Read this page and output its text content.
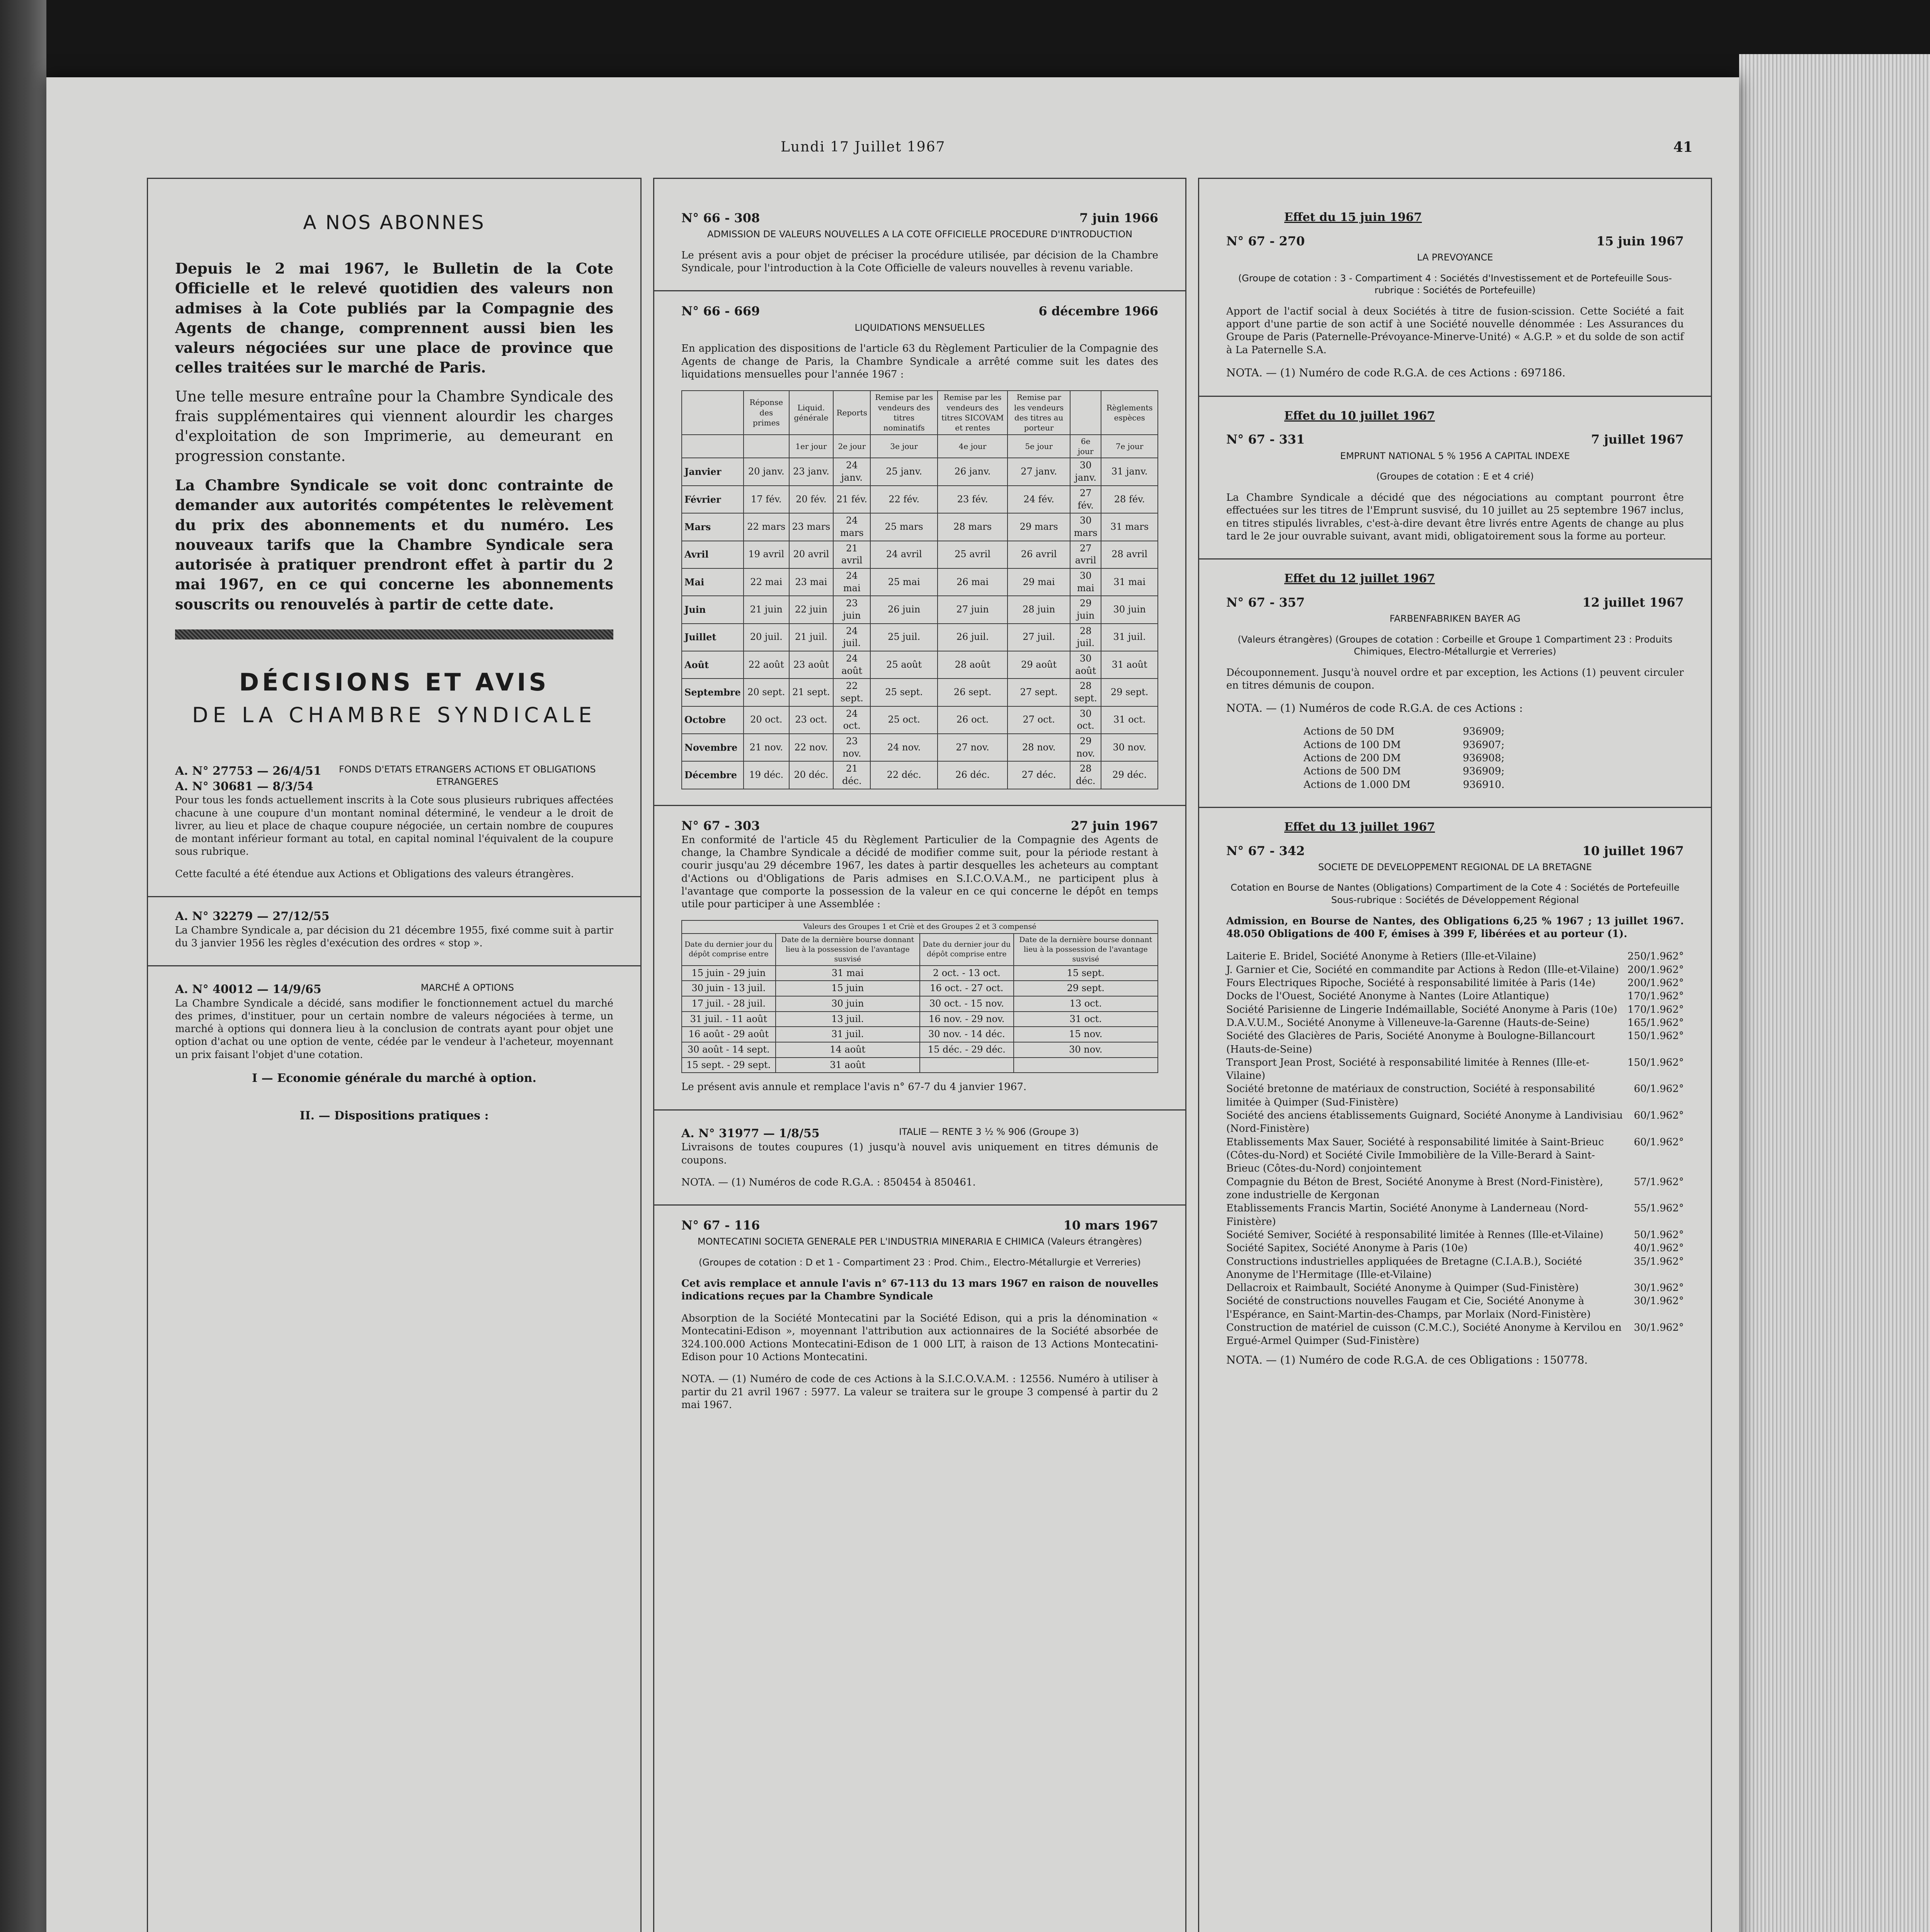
Lundi 17 Juillet 1967	41
A NOS ABONNES

Depuis le 2 mai 1967, le Bulletin de la Cote Officielle et le relevé quotidien des valeurs non admises à la Cote publiés par la Compagnie des Agents de change, comprennent aussi bien les valeurs négociées sur une place de province que celles traitées sur le marché de Paris.

Une telle mesure entraîne pour la Chambre Syndicale des frais supplémentaires qui viennent alourdir les charges d'exploitation de son Imprimerie, au demeurant en progression constante.

La Chambre Syndicale se voit donc contrainte de demander aux autorités compétentes le relèvement du prix des abonnements et du numéro. Les nouveaux tarifs que la Chambre Syndicale sera autorisée à pratiquer prendront effet à partir du 2 mai 1967, en ce qui concerne les abonnements souscrits ou renouvelés à partir de cette date.

DÉCISIONS ET AVIS
DE LA CHAMBRE SYNDICALE
A. N° 27753 — 26/4/51
A. N° 30681 — 8/3/54
FONDS D'ETATS ETRANGERS ACTIONS ET OBLIGATIONS ETRANGERES

Pour tous les fonds actuellement inscrits à la Cote sous plusieurs rubriques affectées chacune à une coupure d'un montant nominal déterminé, le vendeur a le droit de livrer, au lieu et place de chaque coupure négociée, un certain nombre de coupures de montant inférieur formant au total, en capital nominal l'équivalent de la coupure sous rubrique.

Cette faculté a été étendue aux Actions et Obligations des valeurs étrangères.

A. N° 32279 — 27/12/55

La Chambre Syndicale a, par décision du 21 décembre 1955, fixé comme suit à partir du 3 janvier 1956 les règles d'exécution des ordres « stop ».

A. N° 40012 — 14/9/65	MARCHÉ A OPTIONS

La Chambre Syndicale a décidé, sans modifier le fonctionnement actuel du marché des primes, d'instituer, pour un certain nombre de valeurs négociées à terme, un marché à options qui donnera lieu à la conclusion de contrats ayant pour objet une option d'achat ou une option de vente, cédée par le vendeur à l'acheteur, moyennant un prix faisant l'objet d'une cotation.

I — Economie générale du marché à option.

II. — Dispositions pratiques :

N° 66 - 308	7 juin 1966
ADMISSION DE VALEURS NOUVELLES A LA COTE OFFICIELLE PROCEDURE D'INTRODUCTION

Le présent avis a pour objet de préciser la procédure utilisée, par décision de la Chambre Syndicale, pour l'introduction à la Cote Officielle de valeurs nouvelles à revenu variable.

N° 66 - 669	6 décembre 1966
LIQUIDATIONS MENSUELLES

En application des dispositions de l'article 63 du Règlement Particulier de la Compagnie des Agents de change de Paris, la Chambre Syndicale a arrêté comme suit les dates des liquidations mensuelles pour l'année 1967 :

	Réponse des primes	Liquid. générale	Reports	Remise par les vendeurs des titres nominatifs	Remise par les vendeurs des titres SICOVAM et rentes	Remise par les vendeurs des titres au porteur		Règlements espèces
		1er jour	2e jour	3e jour	4e jour	5e jour	6e jour	7e jour
Janvier	20 janv.	23 janv.	24 janv.	25 janv.	26 janv.	27 janv.	30 janv.	31 janv.
Février	17 fév.	20 fév.	21 fév.	22 fév.	23 fév.	24 fév.	27 fév.	28 fév.
Mars	22 mars	23 mars	24 mars	25 mars	28 mars	29 mars	30 mars	31 mars
Avril	19 avril	20 avril	21 avril	24 avril	25 avril	26 avril	27 avril	28 avril
Mai	22 mai	23 mai	24 mai	25 mai	26 mai	29 mai	30 mai	31 mai
Juin	21 juin	22 juin	23 juin	26 juin	27 juin	28 juin	29 juin	30 juin
Juillet	20 juil.	21 juil.	24 juil.	25 juil.	26 juil.	27 juil.	28 juil.	31 juil.
Août	22 août	23 août	24 août	25 août	28 août	29 août	30 août	31 août
Septembre	20 sept.	21 sept.	22 sept.	25 sept.	26 sept.	27 sept.	28 sept.	29 sept.
Octobre	20 oct.	23 oct.	24 oct.	25 oct.	26 oct.	27 oct.	30 oct.	31 oct.
Novembre	21 nov.	22 nov.	23 nov.	24 nov.	27 nov.	28 nov.	29 nov.	30 nov.
Décembre	19 déc.	20 déc.	21 déc.	22 déc.	26 déc.	27 déc.	28 déc.	29 déc.
N° 67 - 303	27 juin 1967

En conformité de l'article 45 du Règlement Particulier de la Compagnie des Agents de change, la Chambre Syndicale a décidé de modifier comme suit, pour la période restant à courir jusqu'au 29 décembre 1967, les dates à partir desquelles les acheteurs au comptant d'Actions ou d'Obligations de Paris admises en S.I.C.O.V.A.M., ne participent plus à l'avantage que comporte la possession de la valeur en ce qui concerne le dépôt en temps utile pour participer à une Assemblée :

Valeurs des Groupes 1 et Criè et des Groupes 2 et 3 compensé			
Date du dernier jour du dépôt comprise entre	Date de la dernière bourse donnant lieu à la possession de l'avantage susvisé	Date du dernier jour du dépôt comprise entre	Date de la dernière bourse donnant lieu à la possession de l'avantage susvisé
15 juin - 29 juin	31 mai	2 oct. - 13 oct.	15 sept.
30 juin - 13 juil.	15 juin	16 oct. - 27 oct.	29 sept.
17 juil. - 28 juil.	30 juin	30 oct. - 15 nov.	13 oct.
31 juil. - 11 août	13 juil.	16 nov. - 29 nov.	31 oct.
16 août - 29 août	31 juil.	30 nov. - 14 déc.	15 nov.
30 août - 14 sept.	14 août	15 déc. - 29 déc.	30 nov.
15 sept. - 29 sept.	31 août		

Le présent avis annule et remplace l'avis n° 67-7 du 4 janvier 1967.

A. N° 31977 — 1/8/55	ITALIE — RENTE 3 ½ % 906 (Groupe 3)

Livraisons de toutes coupures (1) jusqu'à nouvel avis uniquement en titres démunis de coupons.

NOTA. — (1) Numéros de code R.G.A. : 850454 à 850461.

N° 67 - 116	10 mars 1967
MONTECATINI SOCIETA GENERALE PER L'INDUSTRIA MINERARIA E CHIMICA (Valeurs étrangères)
(Groupes de cotation : D et 1 - Compartiment 23 : Prod. Chim., Electro-Métallurgie et Verreries)

Cet avis remplace et annule l'avis n° 67-113 du 13 mars 1967 en raison de nouvelles indications reçues par la Chambre Syndicale

Absorption de la Société Montecatini par la Société Edison, qui a pris la dénomination « Montecatini-Edison », moyennant l'attribution aux actionnaires de la Société absorbée de 324.100.000 Actions Montecatini-Edison de 1 000 LIT, à raison de 13 Actions Montecatini-Edison pour 10 Actions Montecatini.

NOTA. — (1) Numéro de code de ces Actions à la S.I.C.O.V.A.M. : 12556. Numéro à utiliser à partir du 21 avril 1967 : 5977. La valeur se traitera sur le groupe 3 compensé à partir du 2 mai 1967.

Effet du 15 juin 1967
N° 67 - 270	15 juin 1967
LA PREVOYANCE
(Groupe de cotation : 3 - Compartiment 4 : Sociétés d'Investissement et de Portefeuille Sous-rubrique : Sociétés de Portefeuille)

Apport de l'actif social à deux Sociétés à titre de fusion-scission. Cette Société a fait apport d'une partie de son actif à une Société nouvelle dénommée : Les Assurances du Groupe de Paris (Paternelle-Prévoyance-Minerve-Unité) « A.G.P. » et du solde de son actif à La Paternelle S.A.

NOTA. — (1) Numéro de code R.G.A. de ces Actions : 697186.

Effet du 10 juillet 1967
N° 67 - 331	7 juillet 1967
EMPRUNT NATIONAL 5 % 1956 A CAPITAL INDEXE
(Groupes de cotation : E et 4 crié)

La Chambre Syndicale a décidé que des négociations au comptant pourront être effectuées sur les titres de l'Emprunt susvisé, du 10 juillet au 25 septembre 1967 inclus, en titres stipulés livrables, c'est-à-dire devant être livrés entre Agents de change au plus tard le 2e jour ouvrable suivant, avant midi, obligatoirement sous la forme au porteur.

Effet du 12 juillet 1967
N° 67 - 357	12 juillet 1967
FARBENFABRIKEN BAYER AG
(Valeurs étrangères) (Groupes de cotation : Corbeille et Groupe 1 Compartiment 23 : Produits Chimiques, Electro-Métallurgie et Verreries)

Découponnement. Jusqu'à nouvel ordre et par exception, les Actions (1) peuvent circuler en titres démunis de coupon.

NOTA. — (1) Numéros de code R.G.A. de ces Actions :

Actions de 50 DM	936909;
Actions de 100 DM	936907;
Actions de 200 DM	936908;
Actions de 500 DM	936909;
Actions de 1.000 DM	936910.
Effet du 13 juillet 1967
N° 67 - 342	10 juillet 1967
SOCIETE DE DEVELOPPEMENT REGIONAL DE LA BRETAGNE
Cotation en Bourse de Nantes (Obligations) Compartiment de la Cote 4 : Sociétés de Portefeuille Sous-rubrique : Sociétés de Développement Régional

Admission, en Bourse de Nantes, des Obligations 6,25 % 1967 ; 13 juillet 1967. 48.050 Obligations de 400 F, émises à 399 F, libérées et au porteur (1).

Laiterie E. Bridel, Société Anonyme à Retiers (Ille-et-Vilaine)	250/1.962°
J. Garnier et Cie, Société en commandite par Actions à Redon (Ille-et-Vilaine) 200/1.962°
Fours Electriques Ripoche, Société à responsabilité limitée à Paris (14e)	200/1.962°
Docks de l'Ouest, Société Anonyme à Nantes (Loire Atlantique)	170/1.962°
Société Parisienne de Lingerie Indémaillable, Société Anonyme à Paris (10e)	170/1.962°
D.A.V.U.M., Société Anonyme à Villeneuve-la-Garenne (Hauts-de-Seine)	165/1.962°
Société des Glacières de Paris, Société Anonyme à Boulogne-Billancourt (Hauts-de-Seine)
150/1.962°
Transport Jean Prost, Société à responsabilité limitée à Rennes (Ille-et-Vilaine)
150/1.962°
Société bretonne de matériaux de construction, Société à responsabilité limitée à Quimper (Sud-Finistère)
60/1.962°
Société des anciens établissements Guignard, Société Anonyme à Landivisiau (Nord-Finistère)
60/1.962°
Etablissements Max Sauer, Société à responsabilité limitée à Saint-Brieuc (Côtes-du-Nord) et Société Civile Immobilière de la Ville-Berard à Saint-Brieuc (Côtes-du-Nord) conjointement
60/1.962°
Compagnie du Béton de Brest, Société Anonyme à Brest (Nord-Finistère), zone industrielle de Kergonan
57/1.962°
Etablissements Francis Martin, Société Anonyme à Landerneau (Nord-Finistère)
55/1.962°
Société Semiver, Société à responsabilité limitée à Rennes (Ille-et-Vilaine)	50/1.962°
Société Sapitex, Société Anonyme à Paris (10e)	40/1.962°
Constructions industrielles appliquées de Bretagne (C.I.A.B.), Société Anonyme de l'Hermitage (Ille-et-Vilaine)
35/1.962°
Dellacroix et Raimbault, Société Anonyme à Quimper (Sud-Finistère)	30/1.962°
Société de constructions nouvelles Faugam et Cie, Société Anonyme à l'Espérance, en Saint-Martin-des-Champs, par Morlaix (Nord-Finistère)
30/1.962°
Construction de matériel de cuisson (C.M.C.), Société Anonyme à Kervilou en Ergué-Armel Quimper (Sud-Finistère)
30/1.962°

NOTA. — (1) Numéro de code R.G.A. de ces Obligations : 150778.
